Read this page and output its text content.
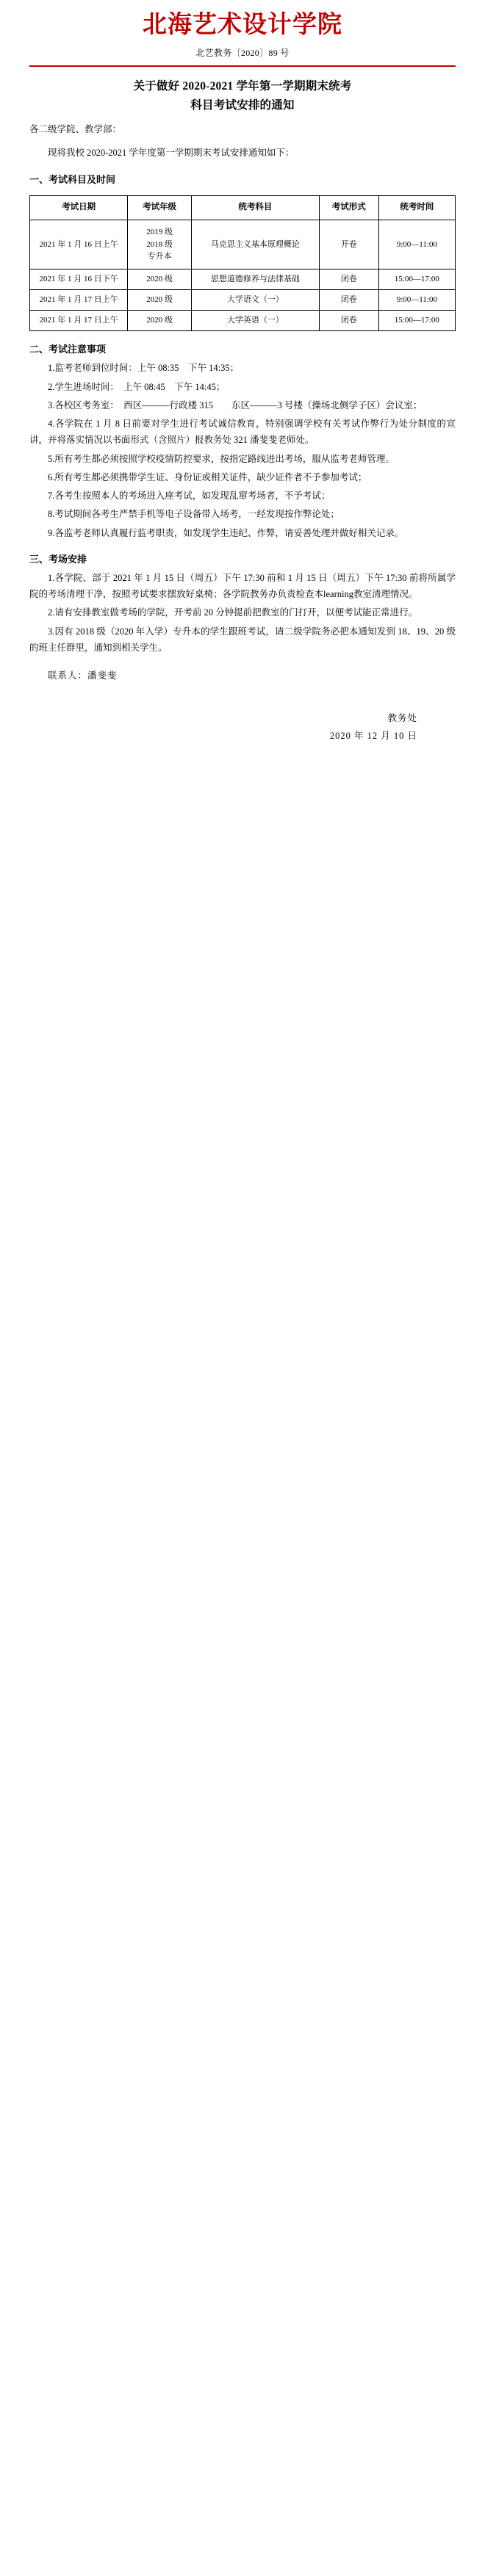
北海艺术设计学院
北艺教务〔2020〕89 号
关于做好 2020-2021 学年第一学期期末统考
科目考试安排的通知
各二级学院、教学部：
现将我校 2020-2021 学年度第一学期期末考试安排通知如下：
一、考试科目及时间
考试日期	考试年级	统考科目	考试形式	统考时间
2021 年 1 月 16 日上午	2019 级
2018 级
专升本	马克思主义基本原理概论	开卷	9:00—11:00
2021 年 1 月 16 日下午	2020 级	思想道德修养与法律基础	闭卷	15:00—17:00
2021 年 1 月 17 日上午	2020 级	大学语文（一）	闭卷	9:00—11:00
2021 年 1 月 17 日上午	2020 级	大学英语（一）	闭卷	15:00—17:00
二、考试注意事项
1.监考老师到位时间：上午 08:35　下午 14:35；
2.学生进场时间：　上午 08:45　下午 14:45；
3.各校区考务室：　西区———行政楼 315　　东区———3 号楼（操场北侧学子区）会议室；
4.各学院在 1 月 8 日前要对学生进行考试诚信教育，特别强调学校有关考试作弊行为处分制度的宣讲，并将落实情况以书面形式（含照片）报教务处 321 潘斐斐老师处。
5.所有考生都必须按照学校疫情防控要求，按指定路线进出考场，服从监考老师管理。
6.所有考生都必须携带学生证、身份证或相关证件，缺少证件者不予参加考试；
7.各考生按照本人的考场进入座考试，如发现乱窜考场者，不予考试；
8.考试期间各考生严禁手机等电子设备带入场考，一经发现按作弊论处；
9.各监考老师认真履行监考职责，如发现学生违纪、作弊，请妥善处理并做好相关记录。
三、考场安排
1.各学院、部于 2021 年 1 月 15 日（周五）下午 17:30 前和 1 月 15 日（周五）下午 17:30 前将所属学院的考场清理干净，按照考试要求摆放好桌椅；各学院教务办负责检查本learning教室清理情况。
2.请有安排教室做考场的学院，开考前 20 分钟提前把教室的门打开，以便考试能正常进行。
3.因有 2018 级（2020 年入学）专升本的学生跟班考试，请二级学院务必把本通知发到 18、19、20 级的班主任群里，通知到相关学生。
联系人：潘斐斐
教务处
2020 年 12 月 10 日
